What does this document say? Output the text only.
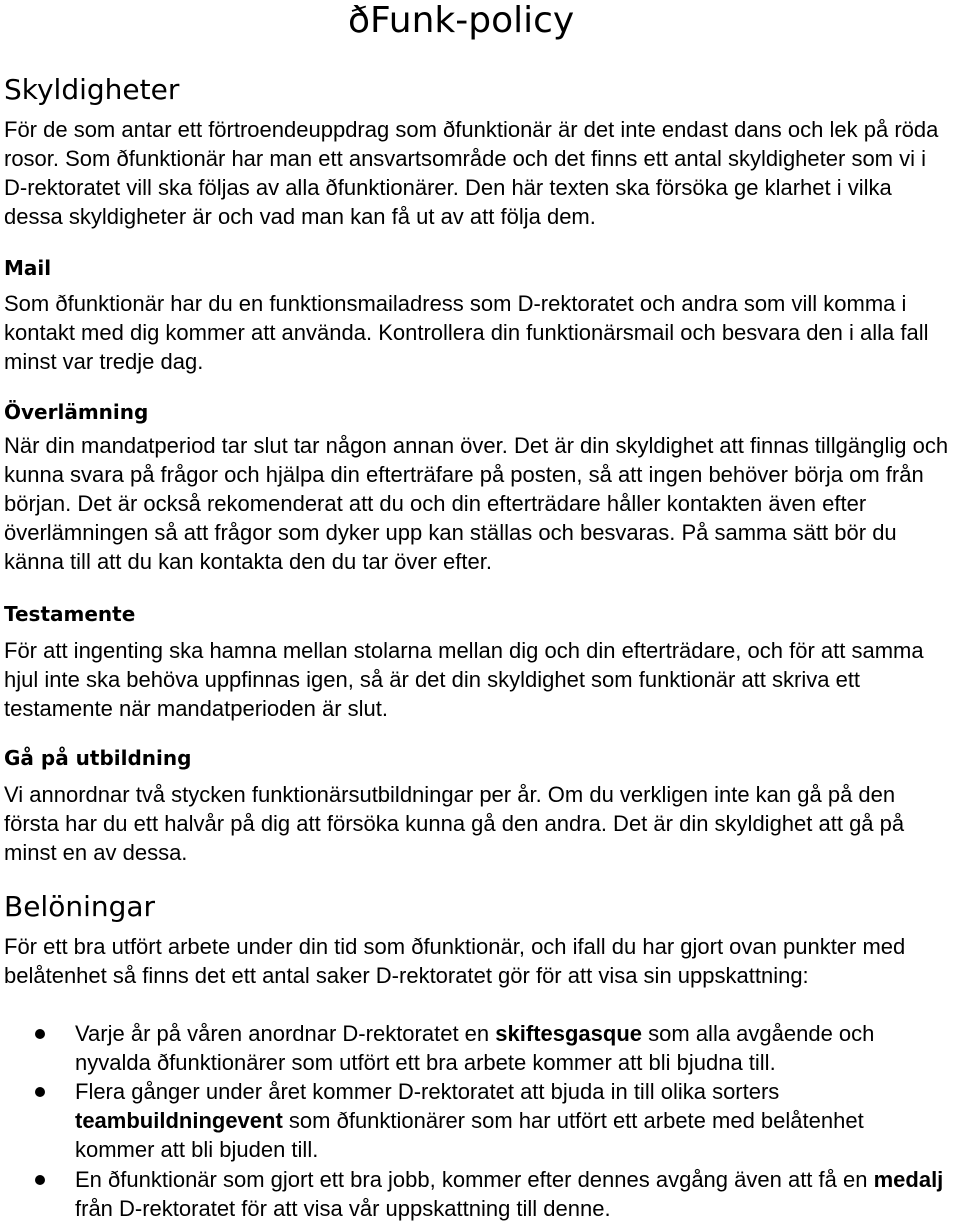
ðFunk-policy
Skyldigheter

För de som antar ett förtroendeuppdrag som ðfunktionär är det inte endast dans och lek på röda
rosor. Som ðfunktionär har man ett ansvartsområde och det finns ett antal skyldigheter som vi i
D-rektoratet vill ska följas av alla ðfunktionärer. Den här texten ska försöka ge klarhet i vilka
dessa skyldigheter är och vad man kan få ut av att följa dem.

Mail

Som ðfunktionär har du en funktionsmailadress som D-rektoratet och andra som vill komma i
kontakt med dig kommer att använda. Kontrollera din funktionärsmail och besvara den i alla fall
minst var tredje dag.

Överlämning

När din mandatperiod tar slut tar någon annan över. Det är din skyldighet att finnas tillgänglig och
kunna svara på frågor och hjälpa din efterträfare på posten, så att ingen behöver börja om från
början. Det är också rekomenderat att du och din efterträdare håller kontakten även efter
överlämningen så att frågor som dyker upp kan ställas och besvaras. På samma sätt bör du
känna till att du kan kontakta den du tar över efter.

Testamente

För att ingenting ska hamna mellan stolarna mellan dig och din efterträdare, och för att samma
hjul inte ska behöva uppfinnas igen, så är det din skyldighet som funktionär att skriva ett
testamente när mandatperioden är slut.

Gå på utbildning

Vi annordnar två stycken funktionärsutbildningar per år. Om du verkligen inte kan gå på den
första har du ett halvår på dig att försöka kunna gå den andra. Det är din skyldighet att gå på
minst en av dessa.

Belöningar

För ett bra utfört arbete under din tid som ðfunktionär, och ifall du har gjort ovan punkter med
belåtenhet så finns det ett antal saker D-rektoratet gör för att visa sin uppskattning:

Varje år på våren anordnar D-rektoratet en skiftesgasque som alla avgående och
nyvalda ðfunktionärer som utfört ett bra arbete kommer att bli bjudna till.
Flera gånger under året kommer D-rektoratet att bjuda in till olika sorters
teambuildningevent som ðfunktionärer som har utfört ett arbete med belåtenhet
kommer att bli bjuden till.
En ðfunktionär som gjort ett bra jobb, kommer efter dennes avgång även att få en medalj
från D-rektoratet för att visa vår uppskattning till denne.
